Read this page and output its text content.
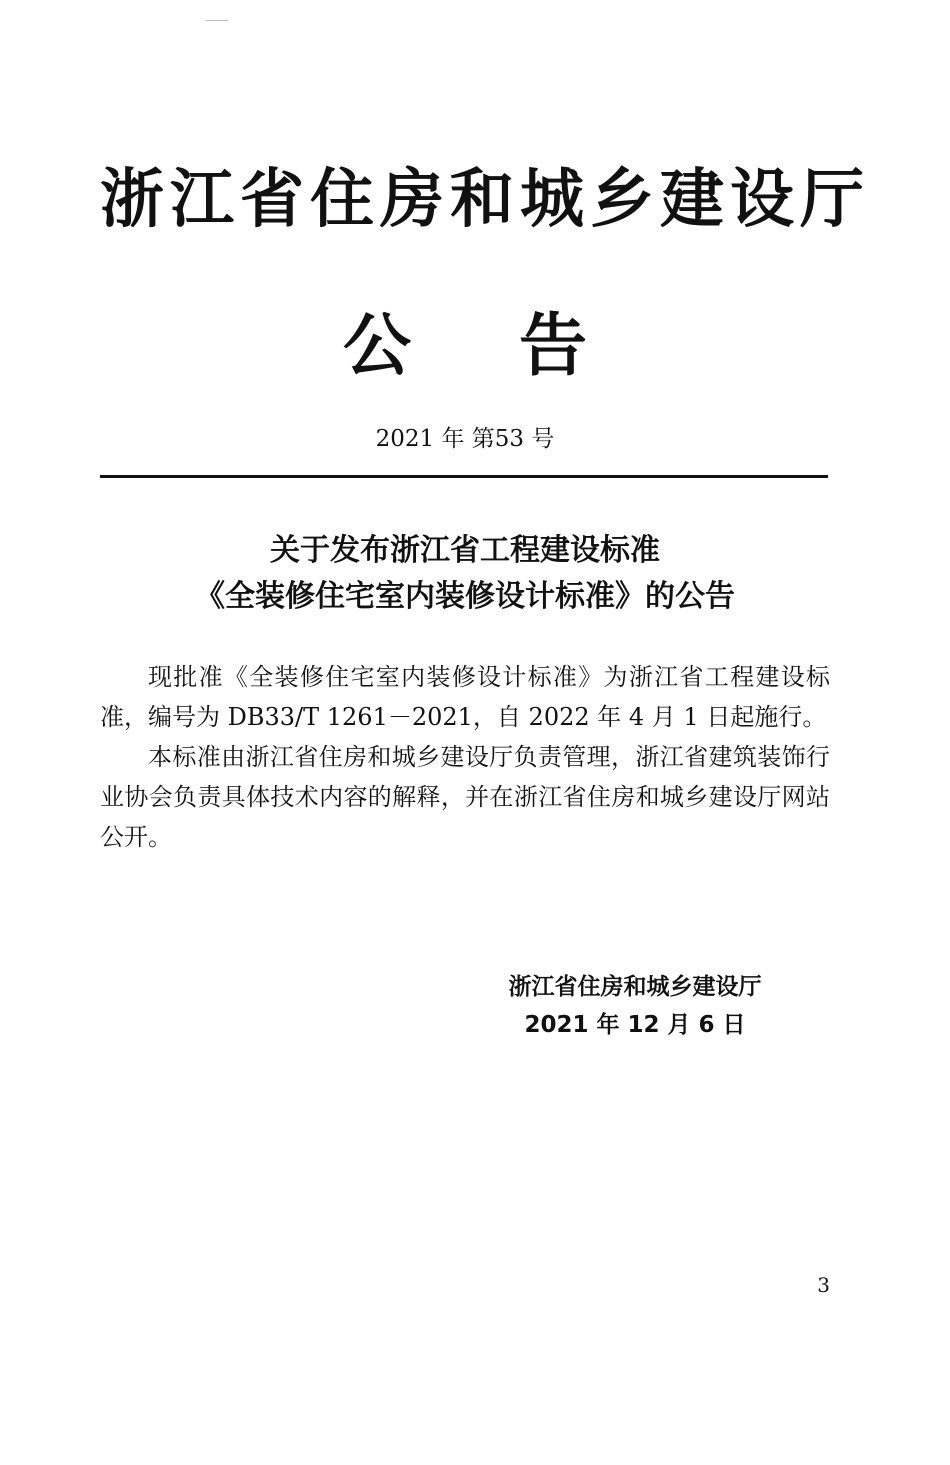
浙江省住房和城乡建设厅
公告
2021 年 第53 号
关于发布浙江省工程建设标准
《全装修住宅室内装修设计标准》的公告

现批准《全装修住宅室内装修设计标准》为浙江省工程建设标准，编号为 DB33/T 1261－2021，自 2022 年 4 月 1 日起施行。

本标准由浙江省住房和城乡建设厅负责管理，浙江省建筑装饰行业协会负责具体技术内容的解释，并在浙江省住房和城乡建设厅网站公开。

浙江省住房和城乡建设厅
2021 年 12 月 6 日
3
